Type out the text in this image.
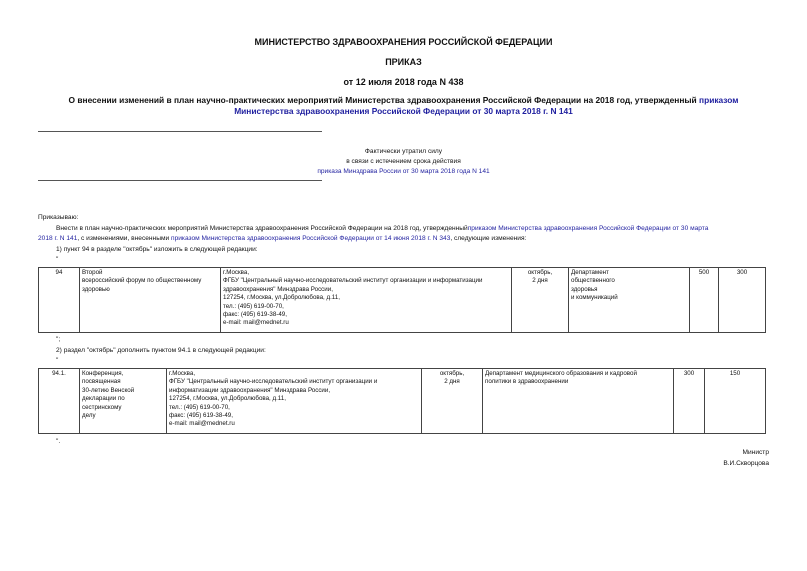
МИНИСТЕРСТВО ЗДРАВООХРАНЕНИЯ РОССИЙСКОЙ ФЕДЕРАЦИИ
ПРИКАЗ
от 12 июля 2018 года N 438
О внесении изменений в план научно-практических мероприятий Министерства здравоохранения Российской Федерации на 2018 год, утвержденный приказом
Министерства здравоохранения Российской Федерации от 30 марта 2018 г. N 141
Фактически утратил силу
в связи с истечением срока действия
приказа Минздрава России от 30 марта 2018 года N 141
Приказываю:
Внести в план научно-практических мероприятий Министерства здравоохранения Российской Федерации на 2018 год, утвержденныйприказом Министерства здравоохранения Российской Федерации от 30 марта
2018 г. N 141, с изменениями, внесенными приказом Министерства здравоохранения Российской Федерации от 14 июня 2018 г. N 343, следующие изменения:
1) пункт 94 в разделе "октябрь" изложить в следующей редакции:
"
94	Второй
всероссийский форум по общественному
здоровью

г.Москва,
ФГБУ "Центральный научно-исследовательский институт организации и информатизации
здравоохранения" Минздрава России,
127254, г.Москва, ул.Добролюбова, д.11,
тел.: (495) 619-00-70,
факс: (495) 619-38-49,
e-mail: mail@mednet.ru

октябрь,
2 дня

Департамент
общественного
здоровья
и коммуникаций
	500	300
";
2) раздел "октябрь" дополнить пунктом 94.1 в следующей редакции:
"
94.1.	Конференция,
посвященная
30-летию Венской
декларации по
сестринскому
делу

г.Москва,
ФГБУ "Центральный научно-исследовательский институт организации и
информатизации здравоохранения" Минздрава России,
127254, г.Москва, ул.Добролюбова, д.11,
тел.: (495) 619-00-70,
факс: (495) 619-38-49,
e-mail: mail@mednet.ru

октябрь,
2 дня

Департамент медицинского образования и кадровой
политики в здравоохранении
	300	150
".
Министр
В.И.Скворцова
